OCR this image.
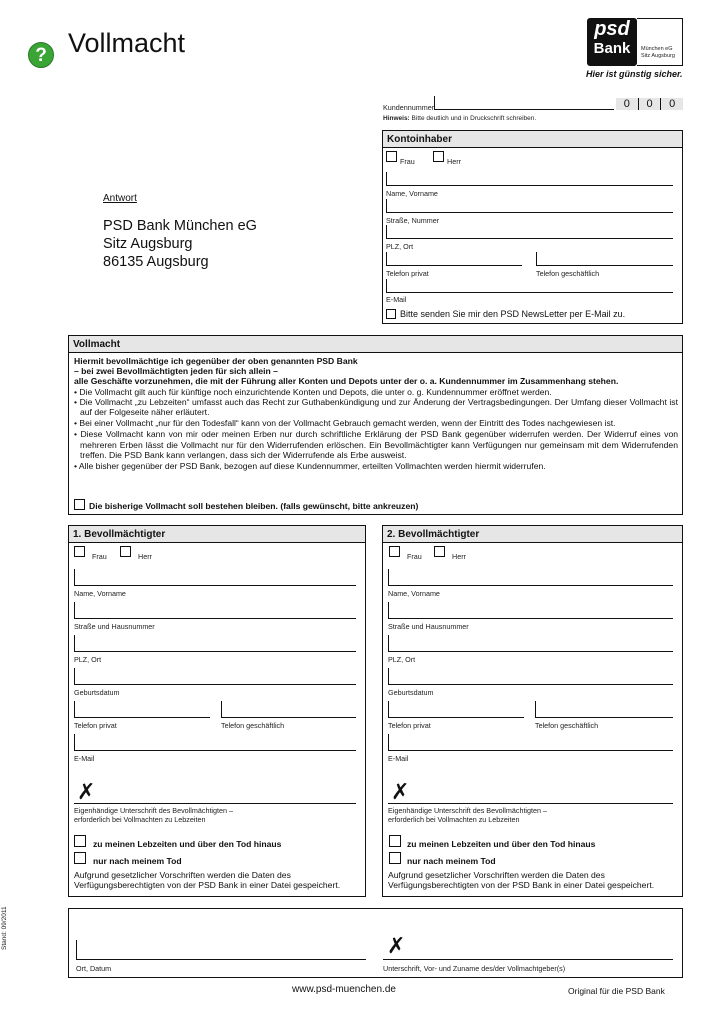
? Vollmacht	psd
Bank	München eG
Sitz Augsburg
Hier ist günstig sicher.
Kundennummer	0	0	0
Hinweis: Bitte deutlich und in Druckschrift schreiben.
Antwort
PSD Bank München eG
Sitz Augsburg
86135 Augsburg
Kontoinhaber
Frau	Herr
Name, Vorname
Straße, Nummer
PLZ, Ort
Telefon privat	Telefon geschäftlich
E-Mail
Bitte senden Sie mir den PSD NewsLetter per E-Mail zu.
Vollmacht
Hiermit bevollmächtige ich gegenüber der oben genannten PSD Bank
– bei zwei Bevollmächtigten jeden für sich allein –
alle Geschäfte vorzunehmen, die mit der Führung aller Konten und Depots unter der o. a. Kundennummer im Zusammenhang stehen.
• Die Vollmacht gilt auch für künftige noch einzurichtende Konten und Depots, die unter o. g. Kundennummer eröffnet werden.
• Die Vollmacht „zu Lebzeiten“ umfasst auch das Recht zur Guthabenkündigung und zur Änderung der Vertragsbedingungen. Der Umfang dieser Vollmacht ist auf der Folgeseite näher erläutert.
• Bei einer Vollmacht „nur für den Todesfall“ kann von der Vollmacht Gebrauch gemacht werden, wenn der Eintritt des Todes nachgewiesen ist.
• Diese Vollmacht kann von mir oder meinen Erben nur durch schriftliche Erklärung der PSD Bank gegenüber widerrufen werden. Der Widerruf eines von mehreren Erben lässt die Vollmacht nur für den Widerrufenden erlöschen. Ein Bevollmächtigter kann Verfügungen nur gemeinsam mit dem Widerrufenden treffen. Die PSD Bank kann verlangen, dass sich der Widerrufende als Erbe ausweist.
• Alle bisher gegenüber der PSD Bank, bezogen auf diese Kundennummer, erteilten Vollmachten werden hiermit widerrufen.
Die bisherige Vollmacht soll bestehen bleiben. (falls gewünscht, bitte ankreuzen)
1. Bevollmächtigter
Frau	Herr
Name, Vorname
Straße und Hausnummer
PLZ, Ort
Geburtsdatum
Telefon privat	Telefon geschäftlich
E-Mail
✗
Eigenhändige Unterschrift des Bevollmächtigten –
erforderlich bei Vollmachten zu Lebzeiten
zu meinen Lebzeiten und über den Tod hinaus
nur nach meinem Tod
Aufgrund gesetzlicher Vorschriften werden die Daten des Verfügungsberechtigten von der PSD Bank in einer Datei gespeichert.
2. Bevollmächtigter
Frau	Herr
Name, Vorname
Straße und Hausnummer
PLZ, Ort
Geburtsdatum
Telefon privat	Telefon geschäftlich
E-Mail
✗
Eigenhändige Unterschrift des Bevollmächtigten –
erforderlich bei Vollmachten zu Lebzeiten
zu meinen Lebzeiten und über den Tod hinaus
nur nach meinem Tod
Aufgrund gesetzlicher Vorschriften werden die Daten des Verfügungsberechtigten von der PSD Bank in einer Datei gespeichert.
Ort, Datum
✗
Unterschrift, Vor- und Zuname des/der Vollmachtgeber(s)
Stand: 09/2011
www.psd-muenchen.de	Original für die PSD Bank
